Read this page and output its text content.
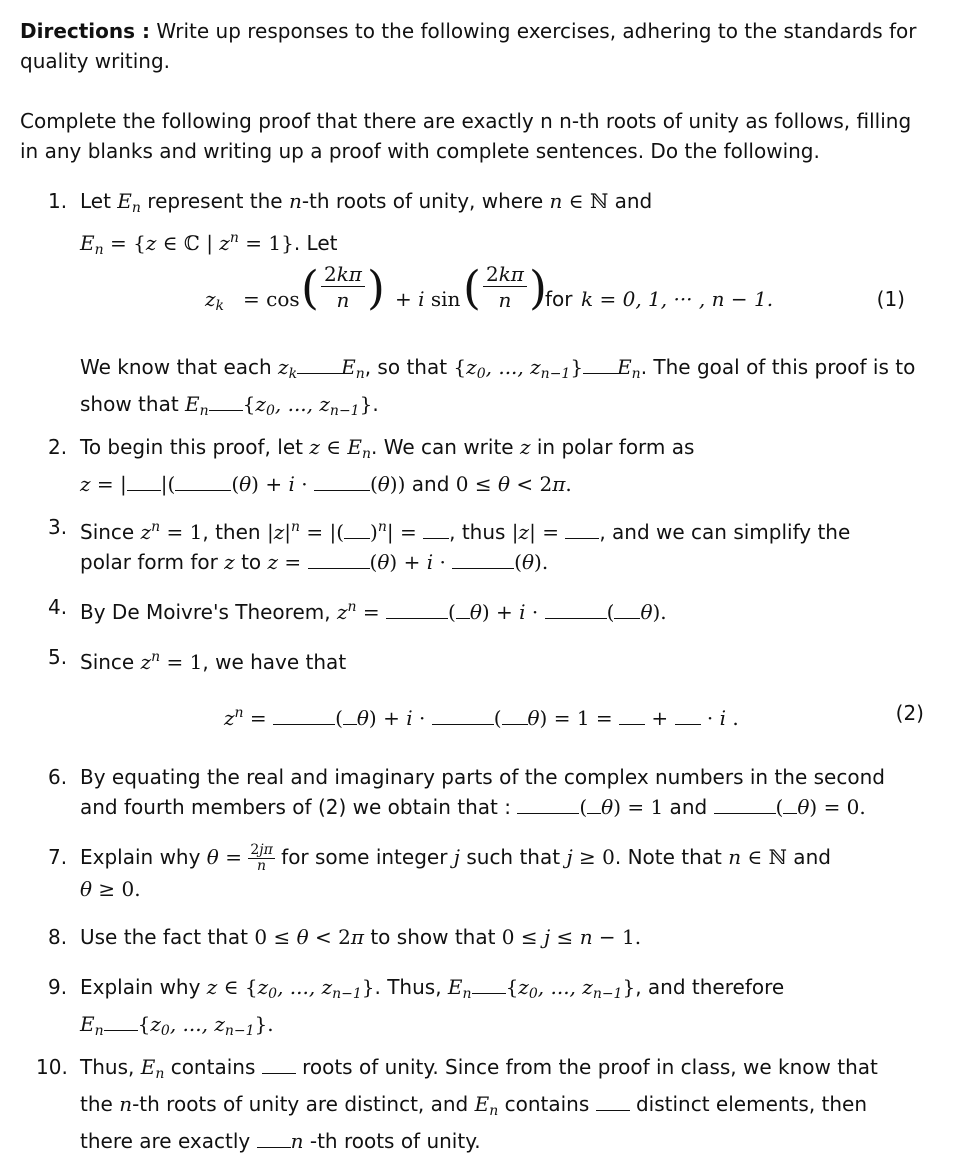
Directions : Write up responses to the following exercises, adhering to the standards for quality writing.
Complete the following proof that there are exactly n n-th roots of unity as follows, filling in any blanks and writing up a proof with complete sentences. Do the following.
1. Let $E_n$ represent the n-th roots of unity, where n ∈ ℕ and
$E_n = \{z$ ∈ ℂ | $z^n = 1$}. Let
$z_k = \cos$ ( $\frac{2k\pi}{n}$ ) + i sin ( $\frac{2k\pi}{n}$ )
for k = 0, 1, ··· , n − 1.	(1)
We know that each $z_k$ $E_n$, so that {$z_0$, ..., $z_{n-1}$} $E_n$. The goal of this proof is to show that $E_n$ {$z_0$, ..., $z_{n-1}$}.
2. To begin this proof, let z ∈ $E_n$. We can write z in polar form as
z = | |(	(θ) + i ·	(θ)) and 0 ≤ θ < 2π.
3. Since $z^n = 1$, then $|z|^n$ = |( )$^n$| = , thus |z| = , and we can simplify the
polar form for z to z =	(θ) + i ·	(θ).
4. By De Moivre's Theorem, $z^n$ =	( θ) + i ·	( θ).
5. Since $z^n = 1$, we have that
$z^n$ =	( θ) + i ·	( θ) = 1 =  +  · i .	(2)
6. By equating the real and imaginary parts of the complex numbers in the second
and fourth members of (2) we obtain that :	( θ) = 1 and	( θ) = 0.
7. Explain why $\theta = \frac{2j\pi}{n}$ for some integer j such that j ≥ 0. Note that n ∈ ℕ and
θ ≥ 0.
8. Use the fact that 0 ≤ θ < 2π to show that 0 ≤ j ≤ n − 1.
9. Explain why z ∈ {$z_0$, ..., $z_{n-1}$}. Thus, $E_n$ {$z_0$, ..., $z_{n-1}$}, and therefore
$E_n$ {$z_0$, ..., $z_{n-1}$}.
10. Thus, $E_n$ contains  roots of unity. Since from the proof in class, we know that
the n-th roots of unity are distinct, and $E_n$ contains  distinct elements, then
there are exactly n -th roots of unity.
